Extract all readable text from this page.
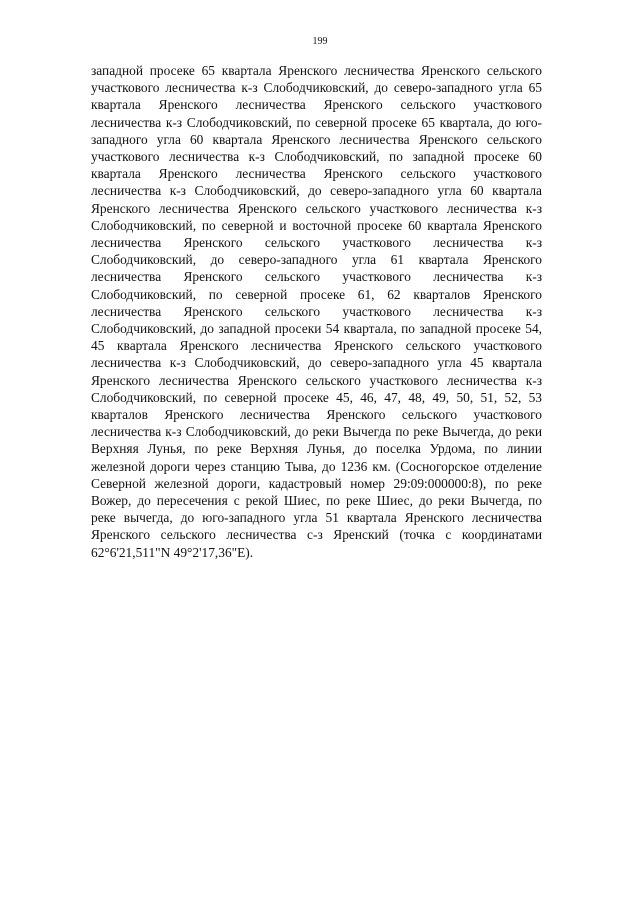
199
западной просеке 65 квартала Яренского лесничества Яренского сельского
участкового лесничества к-з Слободчиковский, до северо-западного угла 65
квартала Яренского лесничества Яренского сельского участкового
лесничества к-з Слободчиковский, по северной просеке 65 квартала, до юго-
западного угла 60 квартала Яренского лесничества Яренского сельского
участкового лесничества к-з Слободчиковский, по западной просеке 60
квартала Яренского лесничества Яренского сельского участкового
лесничества к-з Слободчиковский, до северо-западного угла 60 квартала
Яренского лесничества Яренского сельского участкового лесничества к-з
Слободчиковский, по северной и восточной просеке 60 квартала Яренского
лесничества Яренского сельского участкового лесничества к-з
Слободчиковский, до северо-западного угла 61 квартала Яренского
лесничества Яренского сельского участкового лесничества к-з
Слободчиковский, по северной просеке 61, 62 кварталов Яренского
лесничества Яренского сельского участкового лесничества к-з
Слободчиковский, до западной просеки 54 квартала, по западной просеке 54,
45 квартала Яренского лесничества Яренского сельского участкового
лесничества к-з Слободчиковский, до северо-западного угла 45 квартала
Яренского лесничества Яренского сельского участкового лесничества к-з
Слободчиковский, по северной просеке 45, 46, 47, 48, 49, 50, 51, 52, 53
кварталов Яренского лесничества Яренского сельского участкового
лесничества к-з Слободчиковский, до реки Вычегда по реке Вычегда, до реки
Верхняя Лунья, по реке Верхняя Лунья, до поселка Урдома, по линии
железной дороги через станцию Тыва, до 1236 км. (Сосногорское отделение
Северной железной дороги, кадастровый номер 29:09:000000:8), по реке
Вожер, до пересечения с рекой Шиес, по реке Шиес, до реки Вычегда, по
реке вычегда, до юго-западного угла 51 квартала Яренского лесничества
Яренского сельского лесничества с-з Яренский (точка с координатами
62°6'21,511"N 49°2'17,36"E).
